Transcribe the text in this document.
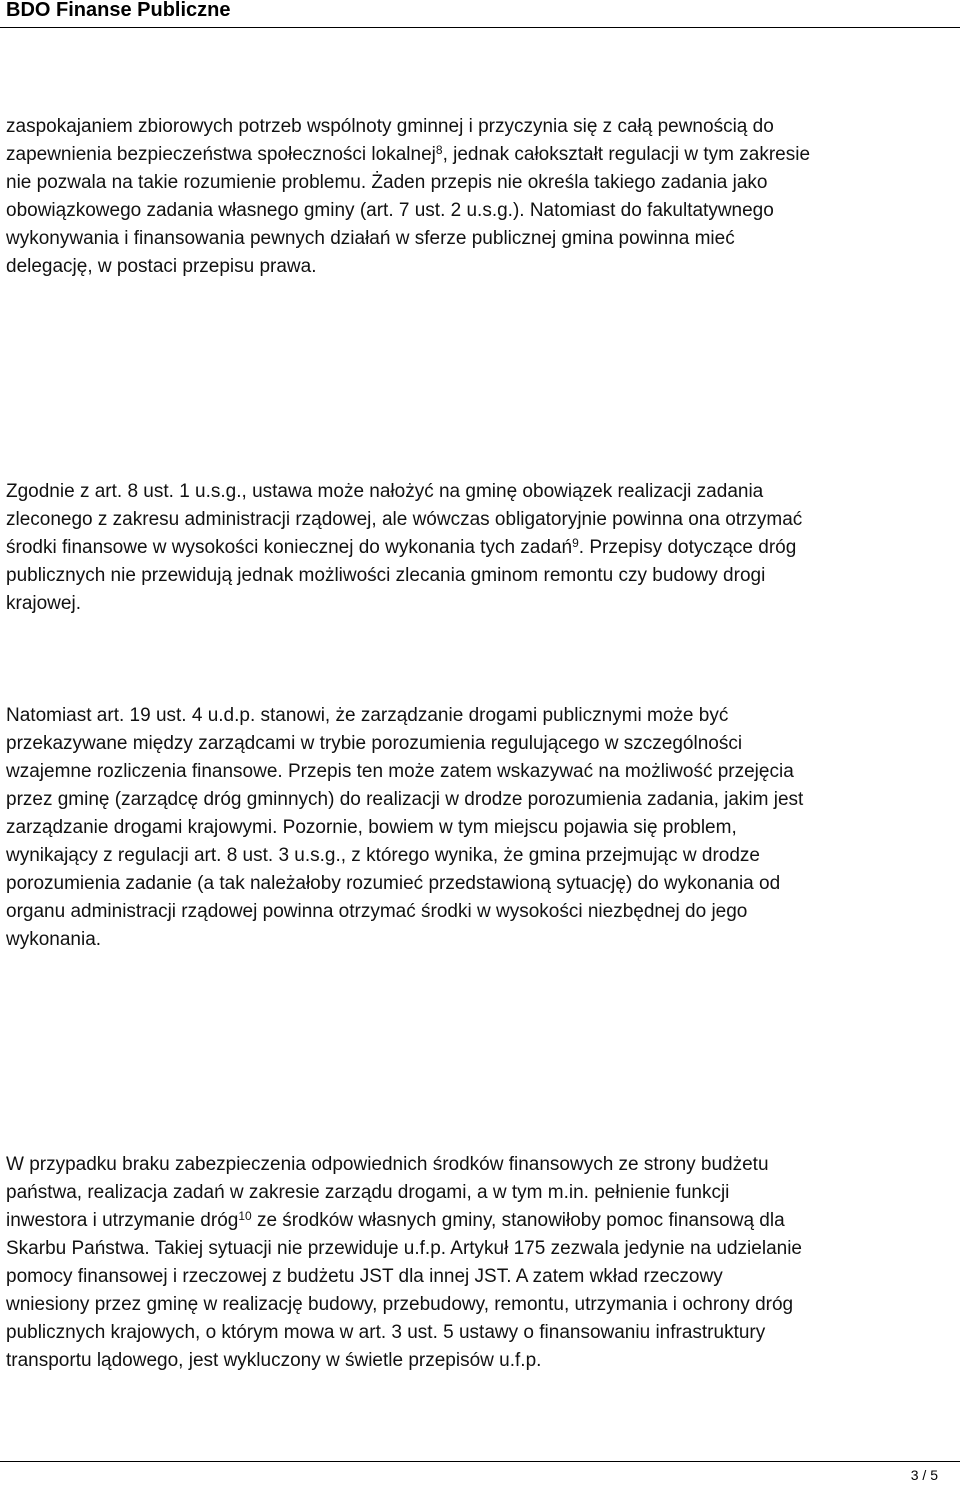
BDO Finanse Publiczne
zaspokajaniem zbiorowych potrzeb wspólnoty gminnej i przyczynia się z całą pewnością do
zapewnienia bezpieczeństwa społeczności lokalnej$^8$, jednak całokształt regulacji w tym zakresie
nie pozwala na takie rozumienie problemu. Żaden przepis nie określa takiego zadania jako
obowiązkowego zadania własnego gminy (art. 7 ust. 2 u.s.g.). Natomiast do fakultatywnego
wykonywania i finansowania pewnych działań w sferze publicznej gmina powinna mieć
delegację, w postaci przepisu prawa.
Zgodnie z art. 8 ust. 1 u.s.g., ustawa może nałożyć na gminę obowiązek realizacji zadania
zleconego z zakresu administracji rządowej, ale wówczas obligatoryjnie powinna ona otrzymać
środki finansowe w wysokości koniecznej do wykonania tych zadań$^9$. Przepisy dotyczące dróg
publicznych nie przewidują jednak możliwości zlecania gminom remontu czy budowy drogi
krajowej.
Natomiast art. 19 ust. 4 u.d.p. stanowi, że zarządzanie drogami publicznymi może być
przekazywane między zarządcami w trybie porozumienia regulującego w szczególności
wzajemne rozliczenia finansowe. Przepis ten może zatem wskazywać na możliwość przejęcia
przez gminę (zarządcę dróg gminnych) do realizacji w drodze porozumienia zadania, jakim jest
zarządzanie drogami krajowymi. Pozornie, bowiem w tym miejscu pojawia się problem,
wynikający z regulacji art. 8 ust. 3 u.s.g., z którego wynika, że gmina przejmując w drodze
porozumienia zadanie (a tak należałoby rozumieć przedstawioną sytuację) do wykonania od
organu administracji rządowej powinna otrzymać środki w wysokości niezbędnej do jego
wykonania.
W przypadku braku zabezpieczenia odpowiednich środków finansowych ze strony budżetu
państwa, realizacja zadań w zakresie zarządu drogami, a w tym m.in. pełnienie funkcji
inwestora i utrzymanie dróg$^{10}$ ze środków własnych gminy, stanowiłoby pomoc finansową dla
Skarbu Państwa. Takiej sytuacji nie przewiduje u.f.p. Artykuł 175 zezwala jedynie na udzielanie
pomocy finansowej i rzeczowej z budżetu JST dla innej JST. A zatem wkład rzeczowy
wniesiony przez gminę w realizację budowy, przebudowy, remontu, utrzymania i ochrony dróg
publicznych krajowych, o którym mowa w art. 3 ust. 5 ustawy o finansowaniu infrastruktury
transportu lądowego, jest wykluczony w świetle przepisów u.f.p.
3 / 5
